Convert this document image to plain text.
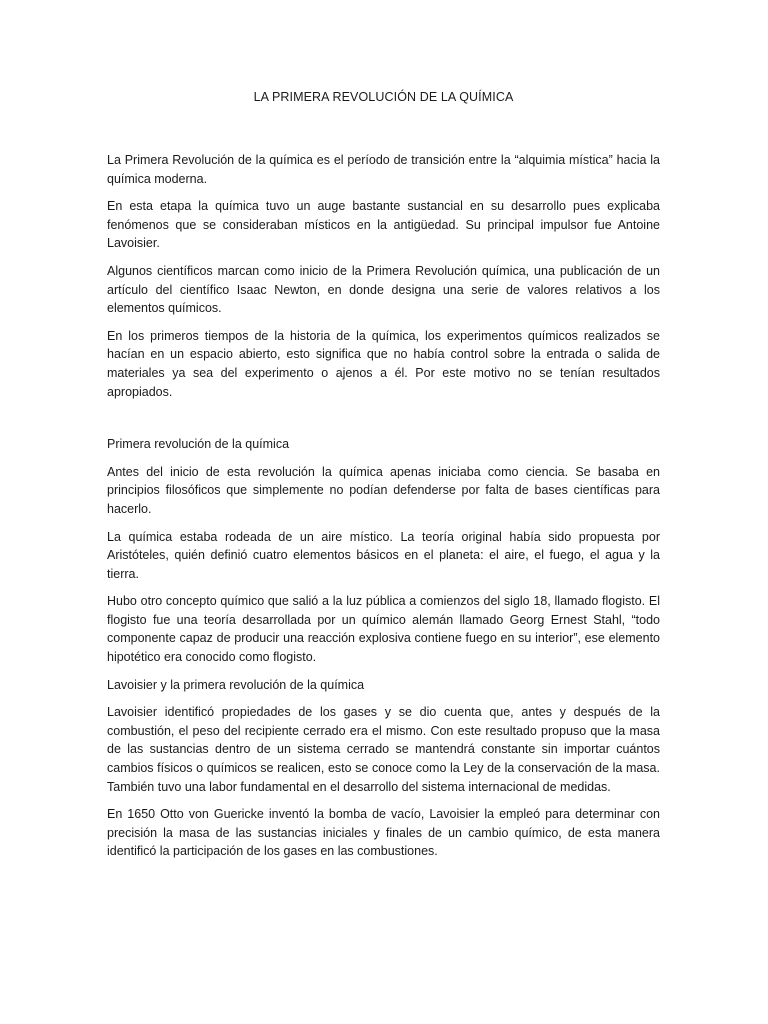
LA PRIMERA REVOLUCIÓN DE LA QUÍMICA

La Primera Revolución de la química es el período de transición entre la “alquimia mística” hacia la química moderna.

En esta etapa la química tuvo un auge bastante sustancial en su desarrollo pues explicaba fenómenos que se consideraban místicos en la antigüedad. Su principal impulsor fue Antoine Lavoisier.

Algunos científicos marcan como inicio de la Primera Revolución química, una publicación de un artículo del científico Isaac Newton, en donde designa una serie de valores relativos a los elementos químicos.

En los primeros tiempos de la historia de la química, los experimentos químicos realizados se hacían en un espacio abierto, esto significa que no había control sobre la entrada o salida de materiales ya sea del experimento o ajenos a él. Por este motivo no se tenían resultados apropiados.

Primera revolución de la química

Antes del inicio de esta revolución la química apenas iniciaba como ciencia. Se basaba en principios filosóficos que simplemente no podían defenderse por falta de bases científicas para hacerlo.

La química estaba rodeada de un aire místico. La teoría original había sido propuesta por Aristóteles, quién definió cuatro elementos básicos en el planeta: el aire, el fuego, el agua y la tierra.

Hubo otro concepto químico que salió a la luz pública a comienzos del siglo 18, llamado flogisto. El flogisto fue una teoría desarrollada por un químico alemán llamado Georg Ernest Stahl, “todo componente capaz de producir una reacción explosiva contiene fuego en su interior”, ese elemento hipotético era conocido como flogisto.

Lavoisier y la primera revolución de la química

Lavoisier identificó propiedades de los gases y se dio cuenta que, antes y después de la combustión, el peso del recipiente cerrado era el mismo. Con este resultado propuso que la masa de las sustancias dentro de un sistema cerrado se mantendrá constante sin importar cuántos cambios físicos o químicos se realicen, esto se conoce como la Ley de la conservación de la masa. También tuvo una labor fundamental en el desarrollo del sistema internacional de medidas.

En 1650 Otto von Guericke inventó la bomba de vacío, Lavoisier la empleó para determinar con precisión la masa de las sustancias iniciales y finales de un cambio químico, de esta manera identificó la participación de los gases en las combustiones.
